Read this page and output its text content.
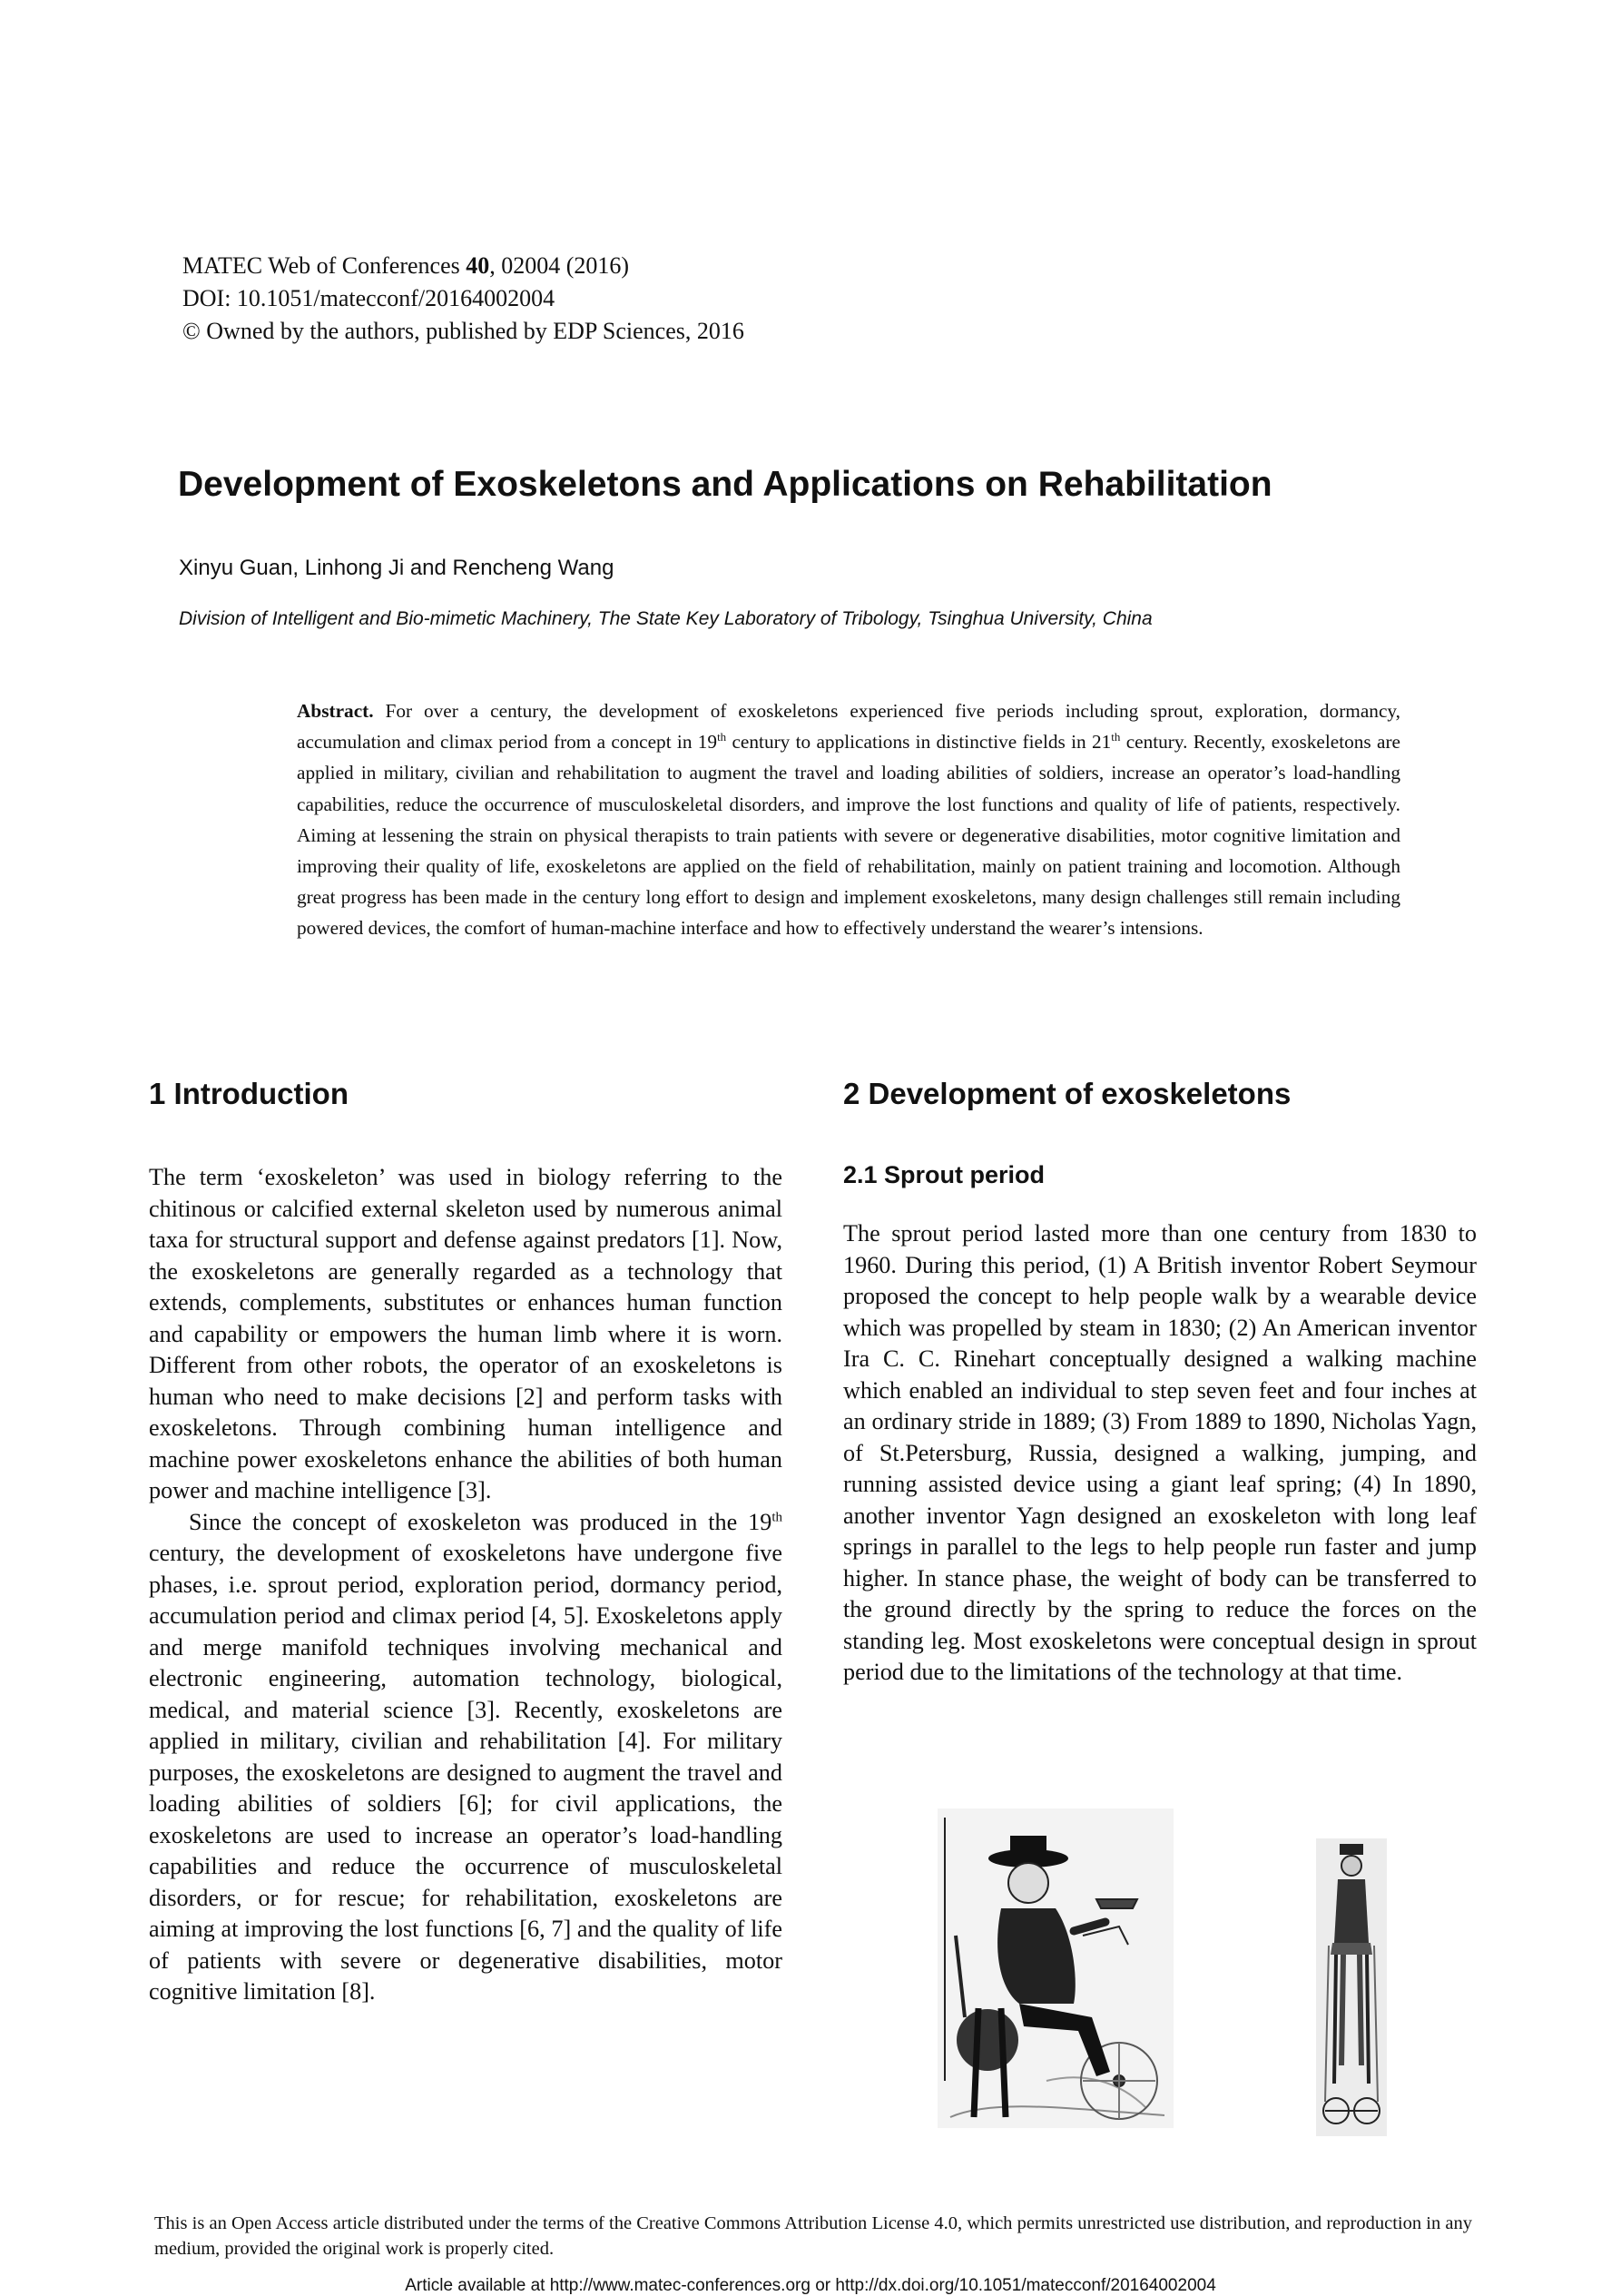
MATEC Web of Conferences 40, 02004 (2016)
DOI: 10.1051/matecconf/20164002004
© Owned by the authors, published by EDP Sciences, 2016
Development of Exoskeletons and Applications on Rehabilitation
Xinyu Guan, Linhong Ji and Rencheng Wang
Division of Intelligent and Bio-mimetic Machinery, The State Key Laboratory of Tribology, Tsinghua University, China
Abstract. For over a century, the development of exoskeletons experienced five periods including sprout, exploration, dormancy, accumulation and climax period from a concept in 19th century to applications in distinctive fields in 21th century. Recently, exoskeletons are applied in military, civilian and rehabilitation to augment the travel and loading abilities of soldiers, increase an operator’s load-handling capabilities, reduce the occurrence of musculoskeletal disorders, and improve the lost functions and quality of life of patients, respectively. Aiming at lessening the strain on physical therapists to train patients with severe or degenerative disabilities, motor cognitive limitation and improving their quality of life, exoskeletons are applied on the field of rehabilitation, mainly on patient training and locomotion. Although great progress has been made in the century long effort to design and implement exoskeletons, many design challenges still remain including powered devices, the comfort of human-machine interface and how to effectively understand the wearer’s intensions.
1 Introduction

The term ‘exoskeleton’ was used in biology referring to the chitinous or calcified external skeleton used by numerous animal taxa for structural support and defense against predators [1]. Now, the exoskeletons are generally regarded as a technology that extends, complements, substitutes or enhances human function and capability or empowers the human limb where it is worn. Different from other robots, the operator of an exoskeletons is human who need to make decisions [2] and perform tasks with exoskeletons. Through combining human intelligence and machine power exoskeletons enhance the abilities of both human power and machine intelligence [3].

Since the concept of exoskeleton was produced in the 19th century, the development of exoskeletons have undergone five phases, i.e. sprout period, exploration period, dormancy period, accumulation period and climax period [4, 5]. Exoskeletons apply and merge manifold techniques involving mechanical and electronic engineering, automation technology, biological, medical, and material science [3]. Recently, exoskeletons are applied in military, civilian and rehabilitation [4]. For military purposes, the exoskeletons are designed to augment the travel and loading abilities of soldiers [6]; for civil applications, the exoskeletons are used to increase an operator’s load-handling capabilities and reduce the occurrence of musculoskeletal disorders, or for rescue; for rehabilitation, exoskeletons are aiming at improving the lost functions [6, 7] and the quality of life of patients with severe or degenerative disabilities, motor cognitive limitation [8].

2 Development of exoskeletons
2.1 Sprout period

The sprout period lasted more than one century from 1830 to 1960. During this period, (1) A British inventor Robert Seymour proposed the concept to help people walk by a wearable device which was propelled by steam in 1830; (2) An American inventor Ira C. C. Rinehart conceptually designed a walking machine which enabled an individual to step seven feet and four inches at an ordinary stride in 1889; (3) From 1889 to 1890, Nicholas Yagn, of St.Petersburg, Russia, designed a walking, jumping, and running assisted device using a giant leaf spring; (4) In 1890, another inventor Yagn designed an exoskeleton with long leaf springs in parallel to the legs to help people run faster and jump higher. In stance phase, the weight of body can be transferred to the ground directly by the spring to reduce the forces on the standing leg. Most exoskeletons were conceptual design in sprout period due to the limitations of the technology at that time.

This is an Open Access article distributed under the terms of the Creative Commons Attribution License 4.0, which permits unrestricted use distribution, and reproduction in any medium, provided the original work is properly cited.
Article available at http://www.matec-conferences.org or http://dx.doi.org/10.1051/matecconf/20164002004
